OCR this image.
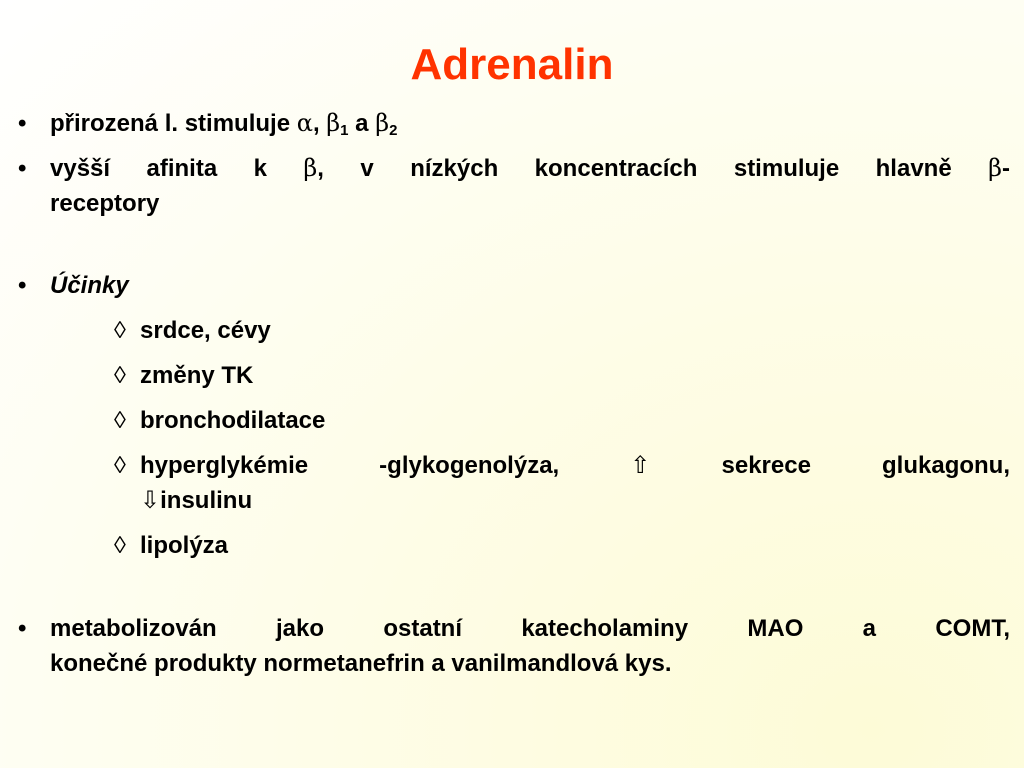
Adrenalin
• přirozená l. stimuluje α, $\beta_1$ a $\beta_2$
• vyšší afinita k β, v nízkých koncentracích stimuluje hlavně β-
receptory
• Účinky
◊ srdce, cévy
◊ změny TK
◊ bronchodilatace
◊ hyperglykémie -glykogenolýza, ⇧ sekrece glukagonu,
⇩insulinu
◊ lipolýza
• metabolizován jako ostatní katecholaminy MAO a COMT,
konečné produkty normetanefrin a vanilmandlová kys.
